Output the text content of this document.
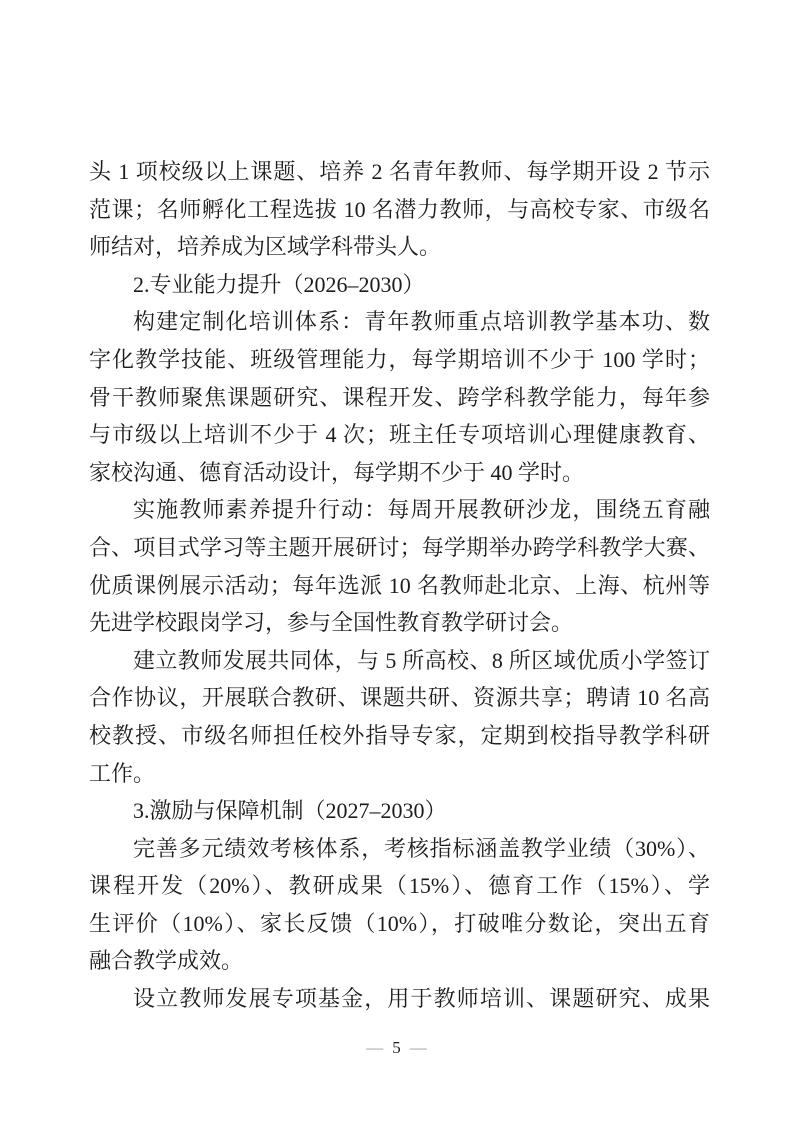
头 1 项校级以上课题、培养 2 名青年教师、每学期开设 2 节示
范课；名师孵化工程选拔 10 名潜力教师，与高校专家、市级名
师结对，培养成为区域学科带头人。
2.专业能力提升（2026–2030）
构建定制化培训体系：青年教师重点培训教学基本功、数
字化教学技能、班级管理能力，每学期培训不少于 100 学时；
骨干教师聚焦课题研究、课程开发、跨学科教学能力，每年参
与市级以上培训不少于 4 次；班主任专项培训心理健康教育、
家校沟通、德育活动设计，每学期不少于 40 学时。
实施教师素养提升行动：每周开展教研沙龙，围绕五育融
合、项目式学习等主题开展研讨；每学期举办跨学科教学大赛、
优质课例展示活动；每年选派 10 名教师赴北京、上海、杭州等
先进学校跟岗学习，参与全国性教育教学研讨会。
建立教师发展共同体，与 5 所高校、8 所区域优质小学签订
合作协议，开展联合教研、课题共研、资源共享；聘请 10 名高
校教授、市级名师担任校外指导专家，定期到校指导教学科研
工作。
3.激励与保障机制（2027–2030）
完善多元绩效考核体系，考核指标涵盖教学业绩（30%）、
课程开发（20%）、教研成果（15%）、德育工作（15%）、学
生评价（10%）、家长反馈（10%），打破唯分数论，突出五育
融合教学成效。
设立教师发展专项基金，用于教师培训、课题研究、成果
— 5 —
